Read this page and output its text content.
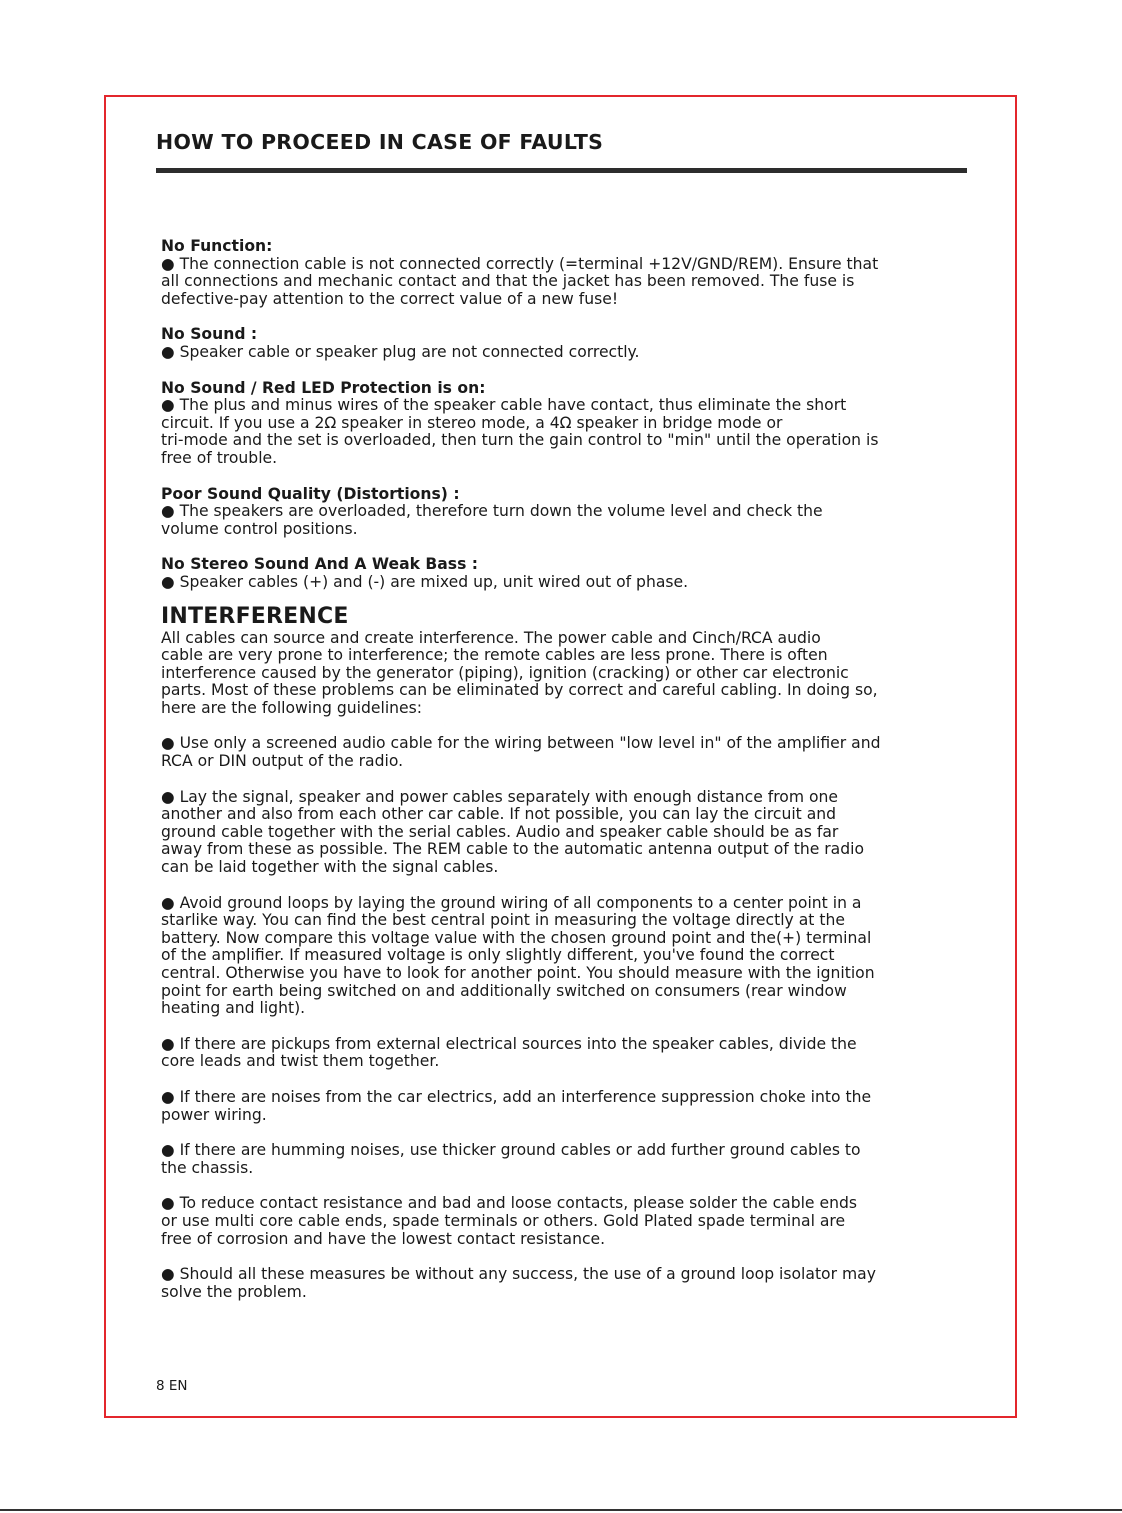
HOW TO PROCEED IN CASE OF FAULTS

No Function:

● The connection cable is not connected correctly (=terminal +12V/GND/REM). Ensure that
all connections and mechanic contact and that the jacket has been removed. The fuse is
defective-pay attention to the correct value of a new fuse!

No Sound :

● Speaker cable or speaker plug are not connected correctly.

No Sound / Red LED Protection is on:

● The plus and minus wires of the speaker cable have contact, thus eliminate the short
circuit. If you use a 2Ω speaker in stereo mode, a 4Ω speaker in bridge mode or
tri-mode and the set is overloaded, then turn the gain control to "min" until the operation is
free of trouble.

Poor Sound Quality (Distortions) :

● The speakers are overloaded, therefore turn down the volume level and check the
volume control positions.

No Stereo Sound And A Weak Bass :

● Speaker cables (+) and (-) are mixed up, unit wired out of phase.

INTERFERENCE

All cables can source and create interference. The power cable and Cinch/RCA audio
cable are very prone to interference; the remote cables are less prone. There is often
interference caused by the generator (piping), ignition (cracking) or other car electronic
parts. Most of these problems can be eliminated by correct and careful cabling. In doing so,
here are the following guidelines:

● Use only a screened audio cable for the wiring between "low level in" of the amplifier and
RCA or DIN output of the radio.

● Lay the signal, speaker and power cables separately with enough distance from one
another and also from each other car cable. If not possible, you can lay the circuit and
ground cable together with the serial cables. Audio and speaker cable should be as far
away from these as possible. The REM cable to the automatic antenna output of the radio
can be laid together with the signal cables.

● Avoid ground loops by laying the ground wiring of all components to a center point in a
starlike way. You can find the best central point in measuring the voltage directly at the
battery. Now compare this voltage value with the chosen ground point and the(+) terminal
of the amplifier. If measured voltage is only slightly different, you've found the correct
central. Otherwise you have to look for another point. You should measure with the ignition
point for earth being switched on and additionally switched on consumers (rear window
heating and light).

● If there are pickups from external electrical sources into the speaker cables, divide the
core leads and twist them together.

● If there are noises from the car electrics, add an interference suppression choke into the
power wiring.

● If there are humming noises, use thicker ground cables or add further ground cables to
the chassis.

● To reduce contact resistance and bad and loose contacts, please solder the cable ends
or use multi core cable ends, spade terminals or others. Gold Plated spade terminal are
free of corrosion and have the lowest contact resistance.

● Should all these measures be without any success, the use of a ground loop isolator may
solve the problem.

8 EN
